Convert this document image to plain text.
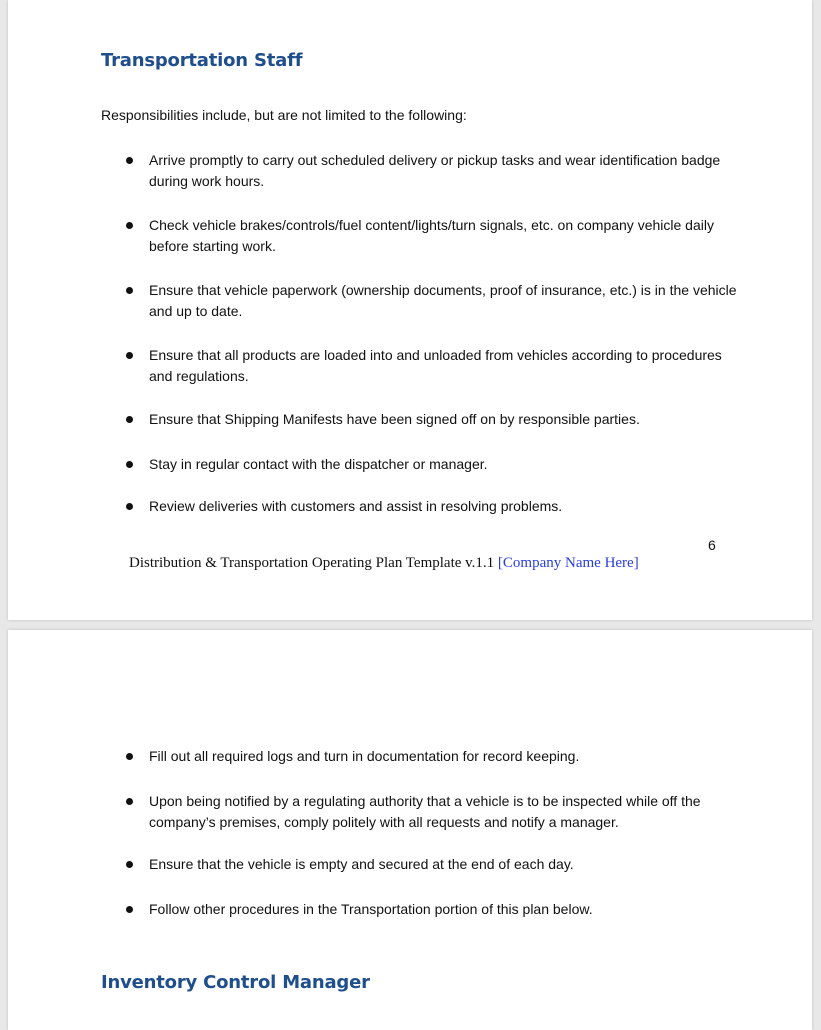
Transportation Staff

Responsibilities include, but are not limited to the following:

Arrive promptly to carry out scheduled delivery or pickup tasks and wear identification badge during work hours.
Check vehicle brakes/controls/fuel content/lights/turn signals, etc. on company vehicle daily before starting work.
Ensure that vehicle paperwork (ownership documents, proof of insurance, etc.) is in the vehicle and up to date.
Ensure that all products are loaded into and unloaded from vehicles according to procedures and regulations.
Ensure that Shipping Manifests have been signed off on by responsible parties.
Stay in regular contact with the dispatcher or manager.
Review deliveries with customers and assist in resolving problems.

6

Distribution & Transportation Operating Plan Template v.1.1 [Company Name Here]

Fill out all required logs and turn in documentation for record keeping.
Upon being notified by a regulating authority that a vehicle is to be inspected while off the company’s premises, comply politely with all requests and notify a manager.
Ensure that the vehicle is empty and secured at the end of each day.
Follow other procedures in the Transportation portion of this plan below.
Inventory Control Manager
